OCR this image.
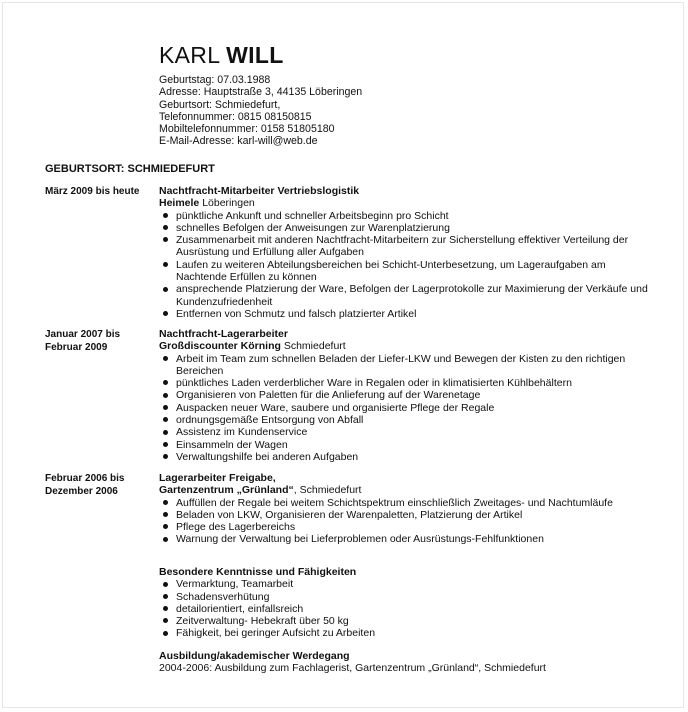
KARL WILL
Geburtstag: 07.03.1988
Adresse: Hauptstraße 3, 44135 Löberingen
Geburtsort: Schmiedefurt,
Telefonnummer: 0815 08150815
Mobiltelefonnummer: 0158 51805180
E-Mail-Adresse: karl-will@web.de
GEBURTSORT: SCHMIEDEFURT
März 2009 bis heute	Nachtfracht-Mitarbeiter Vertriebslogistik
Heimele Löberingen
pünktliche Ankunft und schneller Arbeitsbeginn pro Schicht
schnelles Befolgen der Anweisungen zur Warenplatzierung
Zusammenarbeit mit anderen Nachtfracht-Mitarbeitern zur Sicherstellung effektiver Verteilung der Ausrüstung und Erfüllung aller Aufgaben
Laufen zu weiteren Abteilungsbereichen bei Schicht-Unterbesetzung, um Lageraufgaben am Nachtende Erfüllen zu können
ansprechende Platzierung der Ware, Befolgen der Lagerprotokolle zur Maximierung der Verkäufe und Kundenzufriedenheit
Entfernen von Schmutz und falsch platzierter Artikel
Januar 2007 bis Februar 2009
Nachtfracht-Lagerarbeiter
Großdiscounter Körning Schmiedefurt
Arbeit im Team zum schnellen Beladen der Liefer-LKW und Bewegen der Kisten zu den richtigen Bereichen
pünktliches Laden verderblicher Ware in Regalen oder in klimatisierten Kühlbehältern
Organisieren von Paletten für die Anlieferung auf der Warenetage
Auspacken neuer Ware, saubere und organisierte Pflege der Regale
ordnungsgemäße Entsorgung von Abfall
Assistenz im Kundenservice
Einsammeln der Wagen
Verwaltungshilfe bei anderen Aufgaben
Februar 2006 bis Dezember 2006
Lagerarbeiter Freigabe,
Gartenzentrum „Grünland“, Schmiedefurt
Auffüllen der Regale bei weitem Schichtspektrum einschließlich Zweitages- und Nachtumläufe
Beladen von LKW, Organisieren der Warenpaletten, Platzierung der Artikel
Pflege des Lagerbereichs
Warnung der Verwaltung bei Lieferproblemen oder Ausrüstungs-Fehlfunktionen
Besondere Kenntnisse und Fähigkeiten
Vermarktung, Teamarbeit
Schadensverhütung
detailorientiert, einfallsreich
Zeitverwaltung- Hebekraft über 50 kg
Fähigkeit, bei geringer Aufsicht zu Arbeiten
Ausbildung/akademischer Werdegang
2004-2006: Ausbildung zum Fachlagerist, Gartenzentrum „Grünland“, Schmiedefurt
